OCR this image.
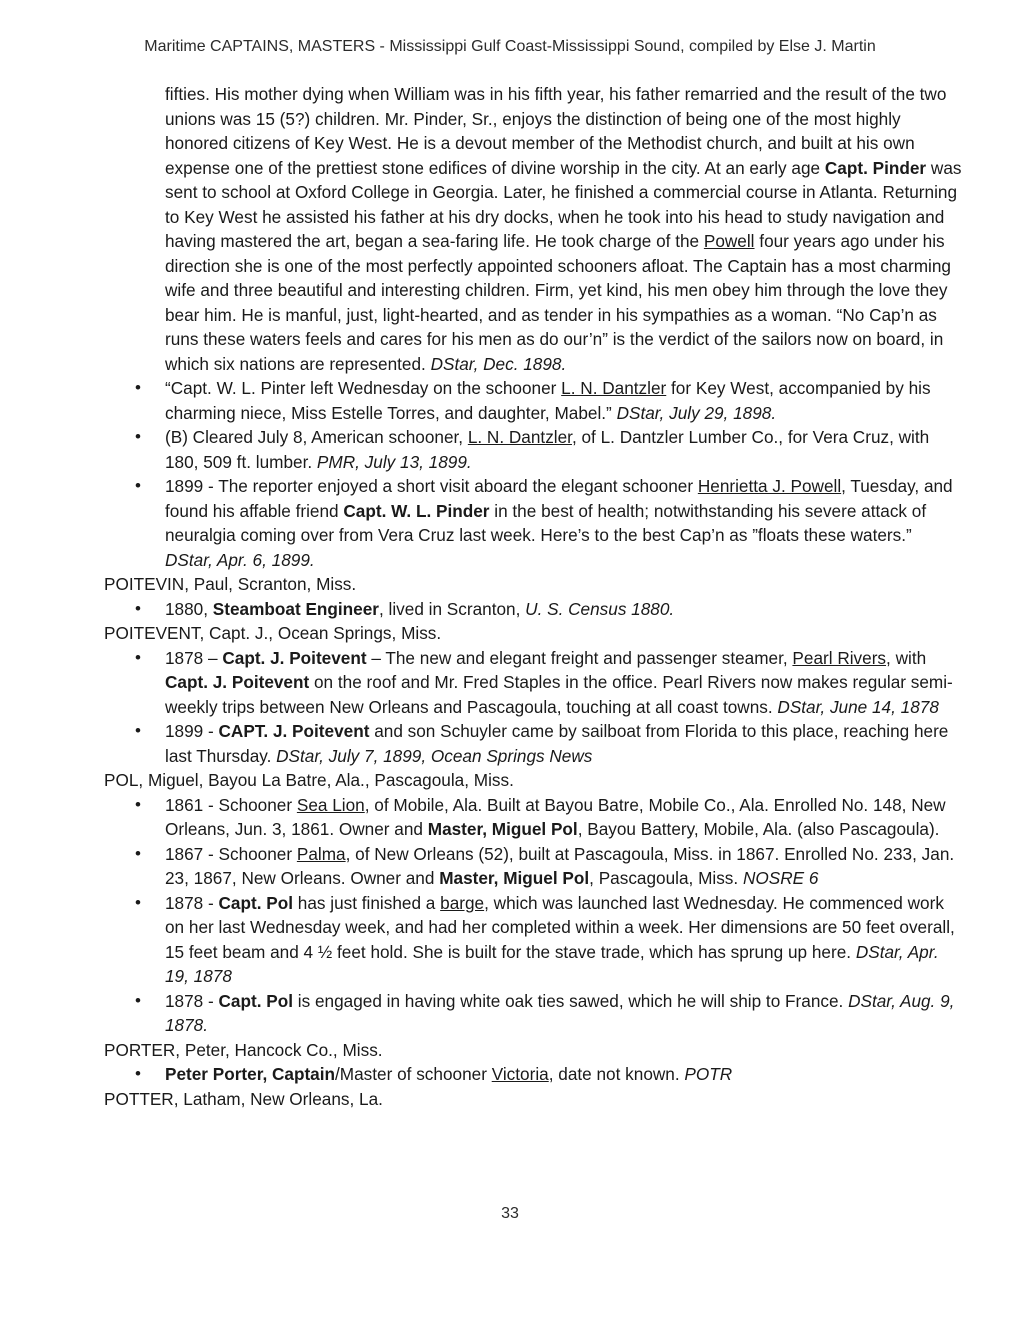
Maritime CAPTAINS, MASTERS - Mississippi Gulf Coast-Mississippi Sound, compiled by Else J. Martin

fifties. His mother dying when William was in his fifth year, his father remarried and the result of the two unions was 15 (5?) children. Mr. Pinder, Sr., enjoys the distinction of being one of the most highly honored citizens of Key West. He is a devout member of the Methodist church, and built at his own expense one of the prettiest stone edifices of divine worship in the city. At an early age Capt. Pinder was sent to school at Oxford College in Georgia. Later, he finished a commercial course in Atlanta. Returning to Key West he assisted his father at his dry docks, when he took into his head to study navigation and having mastered the art, began a sea-faring life. He took charge of the Powell four years ago under his direction she is one of the most perfectly appointed schooners afloat. The Captain has a most charming wife and three beautiful and interesting children. Firm, yet kind, his men obey him through the love they bear him. He is manful, just, light-hearted, and as tender in his sympathies as a woman. “No Cap’n as runs these waters feels and cares for his men as do our’n” is the verdict of the sailors now on board, in which six nations are represented. DStar, Dec. 1898.

• “Capt. W. L. Pinter left Wednesday on the schooner L. N. Dantzler for Key West, accompanied by his charming niece, Miss Estelle Torres, and daughter, Mabel.” DStar, July 29, 1898.
• (B) Cleared July 8, American schooner, L. N. Dantzler, of L. Dantzler Lumber Co., for Vera Cruz, with 180, 509 ft. lumber. PMR, July 13, 1899.
• 1899 - The reporter enjoyed a short visit aboard the elegant schooner Henrietta J. Powell, Tuesday, and found his affable friend Capt. W. L. Pinder in the best of health; notwithstanding his severe attack of neuralgia coming over from Vera Cruz last week. Here’s to the best Cap’n as ”floats these waters.” DStar, Apr. 6, 1899.

POITEVIN, Paul, Scranton, Miss.

• 1880, Steamboat Engineer, lived in Scranton, U. S. Census 1880.

POITEVENT, Capt. J., Ocean Springs, Miss.

• 1878 – Capt. J. Poitevent – The new and elegant freight and passenger steamer, Pearl Rivers, with Capt. J. Poitevent on the roof and Mr. Fred Staples in the office. Pearl Rivers now makes regular semi-weekly trips between New Orleans and Pascagoula, touching at all coast towns. DStar, June 14, 1878
• 1899 - CAPT. J. Poitevent and son Schuyler came by sailboat from Florida to this place, reaching here last Thursday. DStar, July 7, 1899, Ocean Springs News

POL, Miguel, Bayou La Batre, Ala., Pascagoula, Miss.

• 1861 - Schooner Sea Lion, of Mobile, Ala. Built at Bayou Batre, Mobile Co., Ala. Enrolled No. 148, New Orleans, Jun. 3, 1861. Owner and Master, Miguel Pol, Bayou Battery, Mobile, Ala. (also Pascagoula).
• 1867 - Schooner Palma, of New Orleans (52), built at Pascagoula, Miss. in 1867. Enrolled No. 233, Jan. 23, 1867, New Orleans. Owner and Master, Miguel Pol, Pascagoula, Miss. NOSRE 6
• 1878 - Capt. Pol has just finished a barge, which was launched last Wednesday. He commenced work on her last Wednesday week, and had her completed within a week. Her dimensions are 50 feet overall, 15 feet beam and 4 ½ feet hold. She is built for the stave trade, which has sprung up here. DStar, Apr. 19, 1878
• 1878 - Capt. Pol is engaged in having white oak ties sawed, which he will ship to France. DStar, Aug. 9, 1878.

PORTER, Peter, Hancock Co., Miss.

• Peter Porter, Captain/Master of schooner Victoria, date not known. POTR

POTTER, Latham, New Orleans, La.

33
